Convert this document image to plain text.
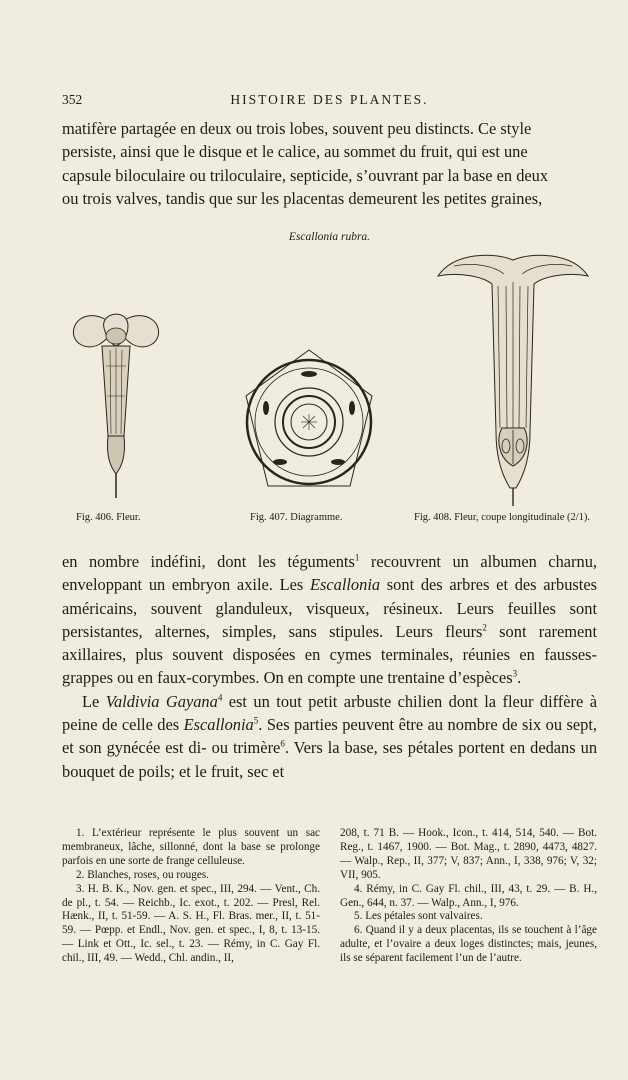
352	HISTOIRE DES PLANTES.

matifère partagée en deux ou trois lobes, souvent peu distincts. Ce style

persiste, ainsi que le disque et le calice, au sommet du fruit, qui est une

capsule biloculaire ou triloculaire, septicide, s’ouvrant par la base en deux

ou trois valves, tandis que sur les placentas demeurent les petites graines,

Escallonia rubra.
Fig. 406. Fleur.	Fig. 407. Diagramme.	Fig. 408. Fleur, coupe longitudinale (2/1).

en nombre indéfini, dont les téguments$^1$ recouvrent un albumen charnu, enveloppant un embryon axile. Les Escallonia sont des arbres et des arbustes américains, souvent glanduleux, visqueux, résineux. Leurs feuilles sont persistantes, alternes, simples, sans stipules. Leurs fleurs$^2$ sont rarement axillaires, plus souvent disposées en cymes terminales, réunies en fausses-grappes ou en faux-corymbes. On en compte une trentaine d’espèces$^3$.

Le Valdivia Gayana$^4$ est un tout petit arbuste chilien dont la fleur diffère à peine de celle des Escallonia$^5$. Ses parties peuvent être au nombre de six ou sept, et son gynécée est di- ou trimère$^6$. Vers la base, ses pétales portent en dedans un bouquet de poils; et le fruit, sec et

1. L’extérieur représente le plus souvent un sac membraneux, lâche, sillonné, dont la base se prolonge parfois en une sorte de frange celluleuse.

2. Blanches, roses, ou rouges.

3. H. B. K., Nov. gen. et spec., III, 294. — Vent., Ch. de pl., t. 54. — Reichb., Ic. exot., t. 202. — Presl, Rel. Hænk., II, t. 51-59. — A. S. H., Fl. Bras. mer., II, t. 51-59. — Pœpp. et Endl., Nov. gen. et spec., I, 8, t. 13-15. — Link et Ott., Ic. sel., t. 23. — Rémy, in C. Gay Fl. chil., III, 49. — Wedd., Chl. andin., II,

208, t. 71 B. — Hook., Icon., t. 414, 514, 540. — Bot. Reg., t. 1467, 1900. — Bot. Mag., t. 2890, 4473, 4827. — Walp., Rep., II, 377; V, 837; Ann., I, 338, 976; V, 32; VII, 905.

4. Rémy, in C. Gay Fl. chil., III, 43, t. 29. — B. H., Gen., 644, n. 37. — Walp., Ann., I, 976.

5. Les pétales sont valvaires.

6. Quand il y a deux placentas, ils se touchent à l’âge adulte, et l’ovaire a deux loges distinctes; mais, jeunes, ils se séparent facilement l’un de l’autre.
